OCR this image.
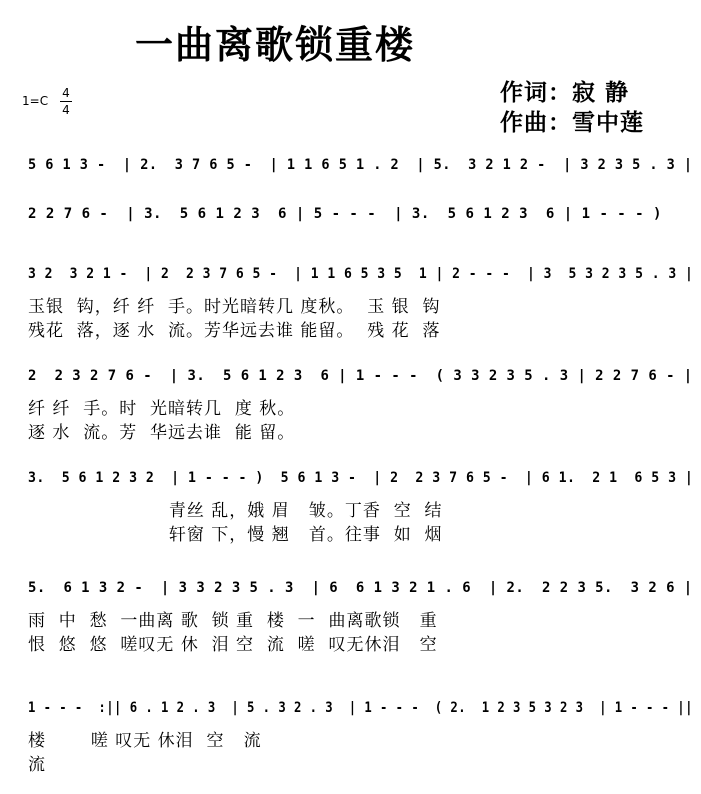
一曲离歌锁重楼
作词：寂 静
作曲：雪中莲
1=C
4
4
5 6 1 3 -  | 2.  3 7 6 5 -  | 1 1 6 5 1 . 2  | 5.  3 2 1 2 -  | 3 2 3 5 . 3 |
2 2 7 6 -  | 3.  5 6 1 2 3  6 | 5 - - -  | 3.  5 6 1 2 3  6 | 1 - - - )
3 2  3 2 1 -  | 2  2 3 7 6 5 -  | 1 1 6 5 3 5  1 | 2 - - -  | 3  5 3 2 3 5 . 3 |
玉银  钩，纤 纤  手。时光暗转几 度秋。  玉 银  钩
残花  落，逐 水  流。芳华远去谁 能留。  残 花  落
2  2 3 2 7 6 -  | 3.  5 6 1 2 3  6 | 1 - - -  ( 3 3 2 3 5 . 3 | 2 2 7 6 - |
纤 纤  手。时  光暗转几  度 秋。
逐 水  流。芳  华远去谁  能 留。
3.  5 6 1 2 3 2  | 1 - - - )  5 6 1 3 -  | 2  2 3 7 6 5 -  | 6 1.  2 1  6 5 3 |
青丝 乱，娥 眉   皱。丁香  空  结
轩窗 下，慢 翘   首。往事  如  烟
5.  6 1 3 2 -  | 3 3 2 3 5 . 3  | 6  6 1 3 2 1 . 6  | 2.  2 2 3 5.  3 2 6 |
雨  中  愁  一曲离 歌  锁 重  楼  一  曲离歌锁   重
恨  悠  悠  嗟叹无 休  泪 空  流  嗟  叹无休泪   空
1 - - -  :|| 6 . 1 2 . 3  | 5 . 3 2 . 3  | 1 - - -  ( 2.  1 2 3 5 3 2 3  | 1 - - - ||
楼       嗟 叹无 休泪  空   流
流
